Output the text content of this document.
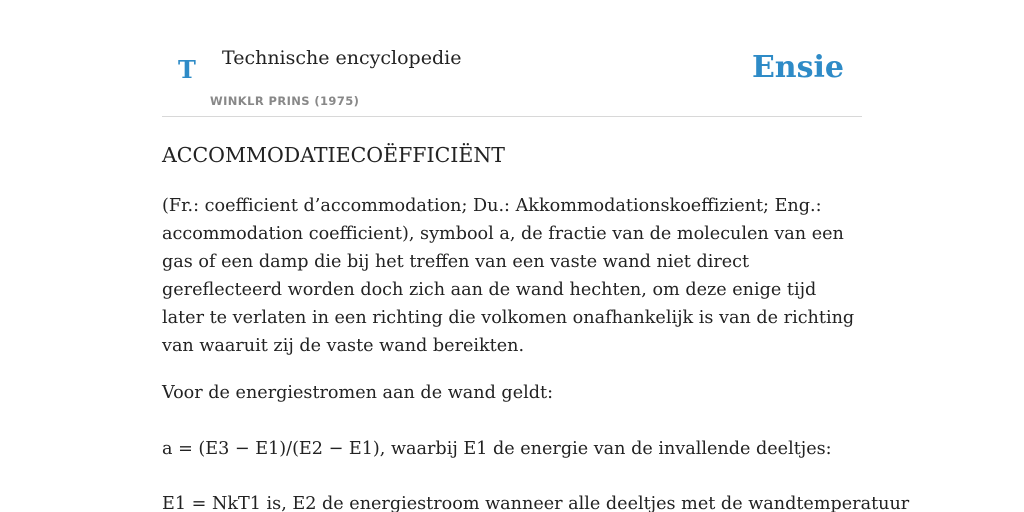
T Technische encyclopedie
WINKLR PRINS (1975)
Ensie
ACCOMMODATIECOËFFICIËNT

(Fr.: coefficient d’accommodation; Du.: Akkommodationskoeffizient; Eng.: accommodation coefficient), symbool a, de fractie van de moleculen van een gas of een damp die bij het treffen van een vaste wand niet direct gereflecteerd worden doch zich aan de wand hechten, om deze enige tijd later te verlaten in een richting die volkomen onafhankelijk is van de richting van waaruit zij de vaste wand bereikten.

Voor de energiestromen aan de wand geldt:

a = (E3 − E1)/(E2 − E1), waarbij E1 de energie van de invallende deeltjes:

E1 = NkT1 is, E2 de energiestroom wanneer alle deeltjes met de wandtemperatuur
